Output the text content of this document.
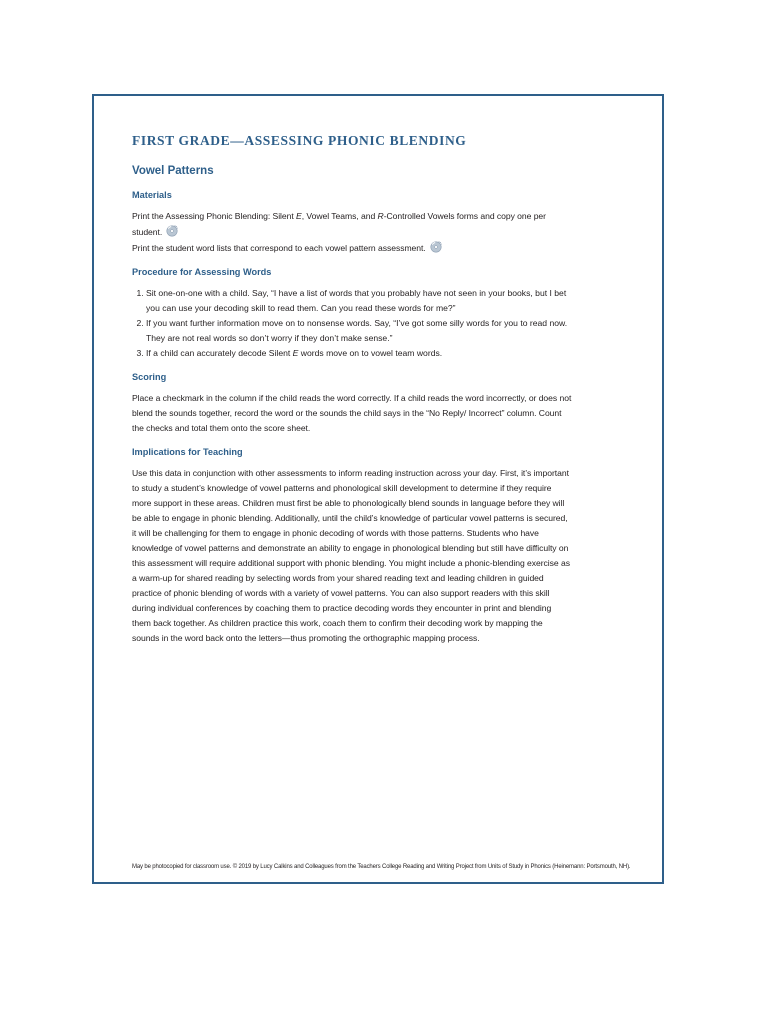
FIRST GRADE—ASSESSING PHONIC BLENDING
Vowel Patterns
Materials

Print the Assessing Phonic Blending: Silent E, Vowel Teams, and R-Controlled Vowels forms and copy one per student.

Print the student word lists that correspond to each vowel pattern assessment.

Procedure for Assessing Words
1. Sit one-on-one with a child. Say, “I have a list of words that you probably have not seen in your books, but I bet you can use your decoding skill to read them. Can you read these words for me?”
2. If you want further information move on to nonsense words. Say, “I’ve got some silly words for you to read now. They are not real words so don’t worry if they don’t make sense.”
3. If a child can accurately decode Silent E words move on to vowel team words.
Scoring

Place a checkmark in the column if the child reads the word correctly. If a child reads the word incorrectly, or does not blend the sounds together, record the word or the sounds the child says in the “No Reply/ Incorrect” column. Count the checks and total them onto the score sheet.

Implications for Teaching

Use this data in conjunction with other assessments to inform reading instruction across your day. First, it’s important to study a student’s knowledge of vowel patterns and phonological skill development to determine if they require more support in these areas. Children must first be able to phonologically blend sounds in language before they will be able to engage in phonic blending. Additionally, until the child’s knowledge of particular vowel patterns is secured, it will be challenging for them to engage in phonic decoding of words with those patterns. Students who have knowledge of vowel patterns and demonstrate an ability to engage in phonological blending but still have difficulty on this assessment will require additional support with phonic blending. You might include a phonic-blending exercise as a warm-up for shared reading by selecting words from your shared reading text and leading children in guided practice of phonic blending of words with a variety of vowel patterns. You can also support readers with this skill during individual conferences by coaching them to practice decoding words they encounter in print and blending them back together. As children practice this work, coach them to confirm their decoding work by mapping the sounds in the word back onto the letters—thus promoting the orthographic mapping process.

May be photocopied for classroom use. © 2019 by Lucy Calkins and Colleagues from the Teachers College Reading and Writing Project from Units of Study in Phonics (Heinemann: Portsmouth, NH).
